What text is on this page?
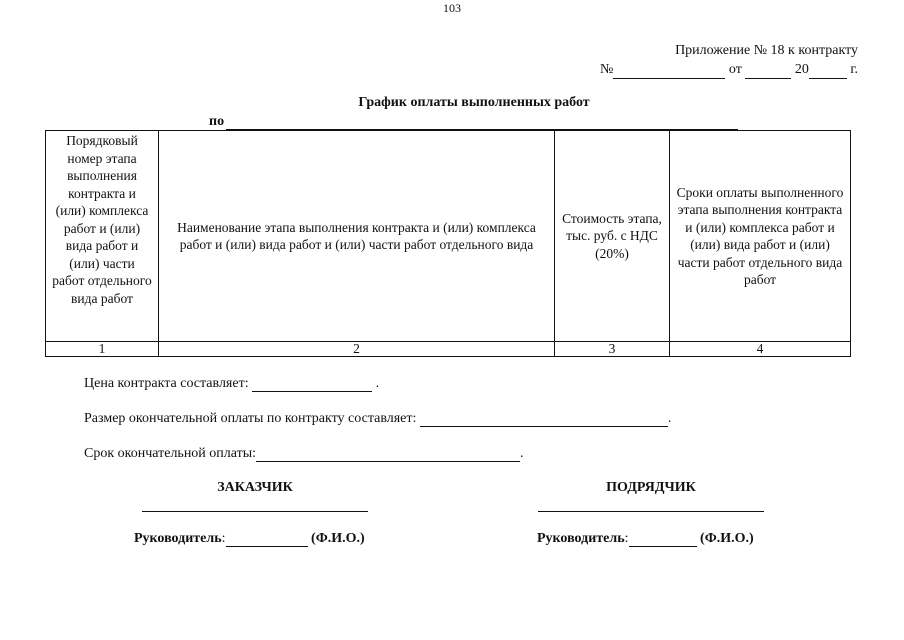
103
Приложение № 18 к контракту
№	от	20	г.
График оплаты выполненных работ
по
Порядковый номер этапа выполнения контракта и (или) комплекса работ и (или) вида работ и (или) части работ отдельного вида работ	Наименование этапа выполнения контракта и (или) комплекса работ и (или) вида работ и (или) части работ отдельного вида	Стоимость этапа, тыс. руб. с НДС (20%)	Сроки оплаты выполненного этапа выполнения контракта и (или) комплекса работ и (или) вида работ и (или) части работ отдельного вида работ
1	2	3	4
Цена контракта составляет:	.
Размер окончательной оплаты по контракту составляет:	.
Срок окончательной оплаты:	.
ЗАКАЗЧИК	ПОДРЯДЧИК
Руководитель:	(Ф.И.О.)	Руководитель:	(Ф.И.О.)
